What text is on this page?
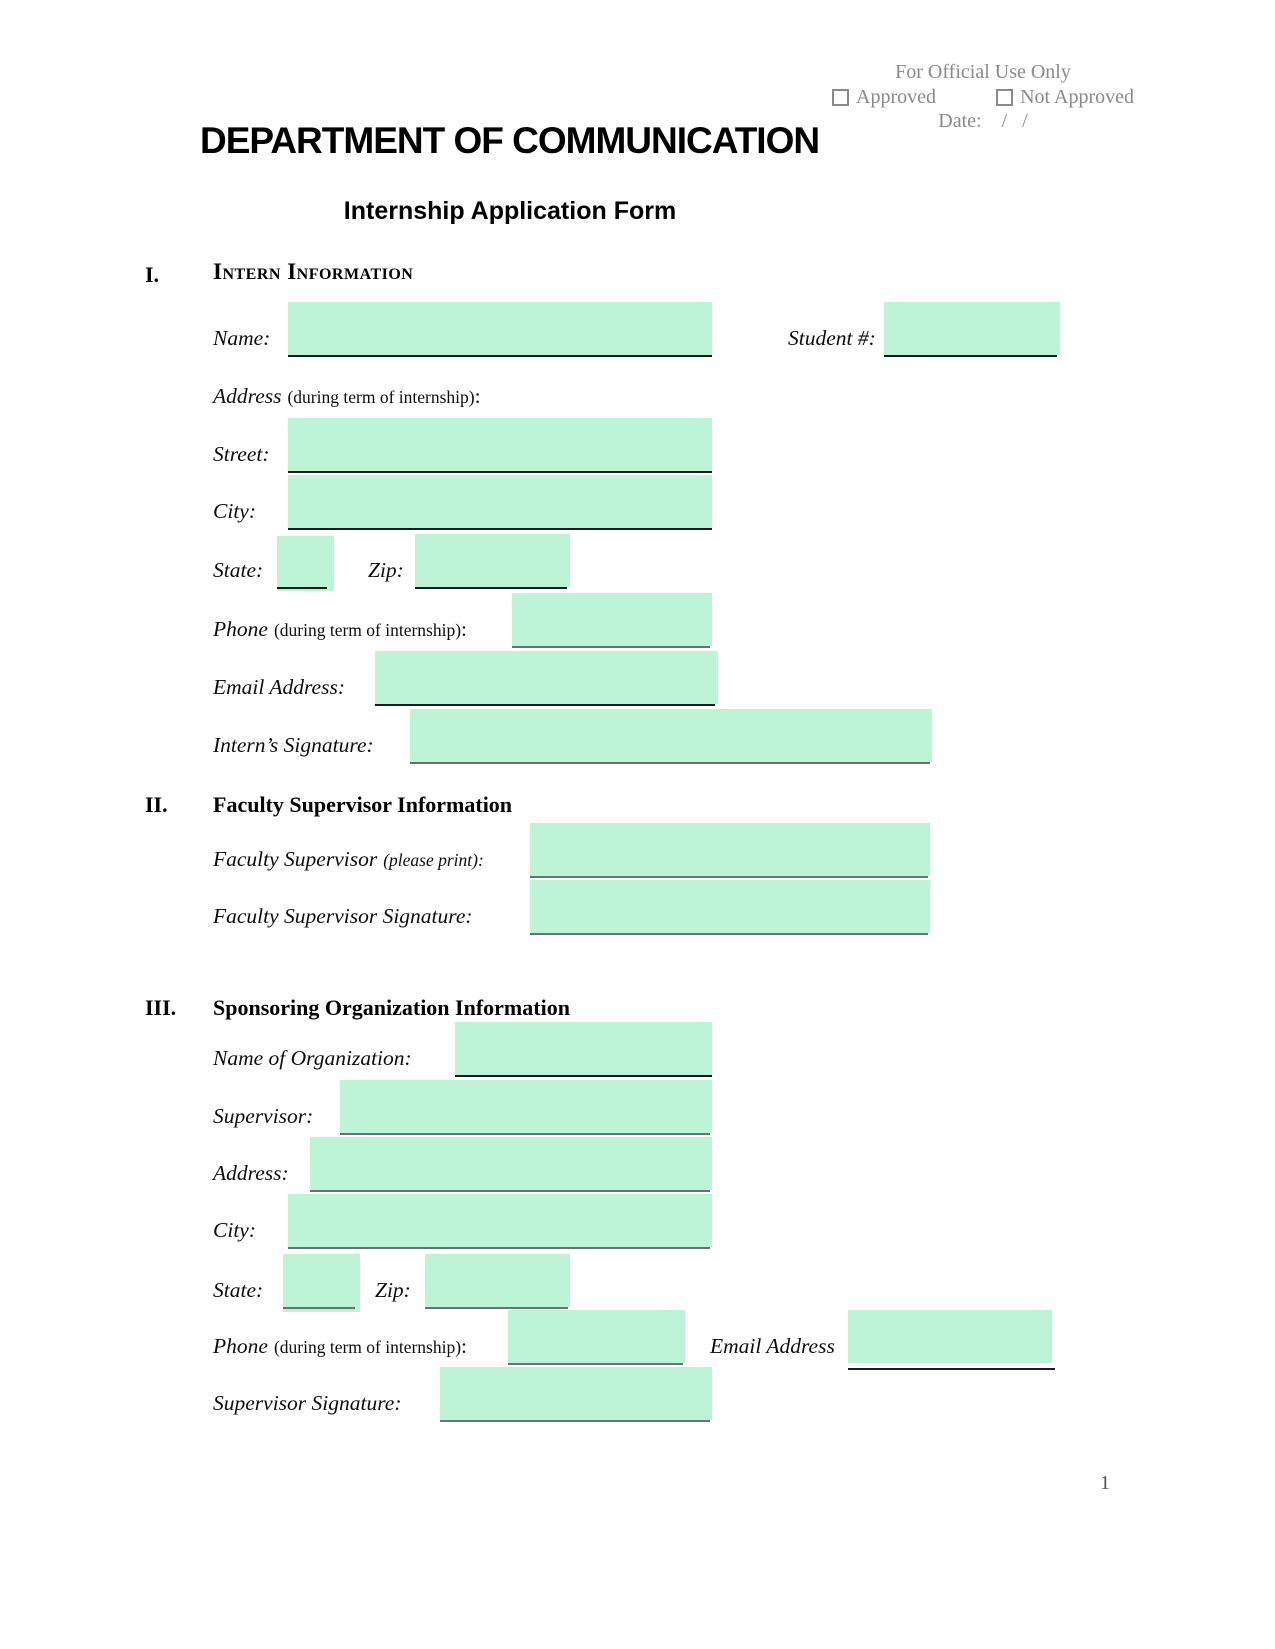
For Official Use Only
Approved	Not Approved
Date: /   /
DEPARTMENT OF COMMUNICATION
Internship Application Form
I. Intern Information
Name:	Student #:
Address (during term of internship):
Street:
City:
State:	Zip:
Phone (during term of internship):
Email Address:
Intern’s Signature:
II. Faculty Supervisor Information
Faculty Supervisor (please print):
Faculty Supervisor Signature:
III. Sponsoring Organization Information
Name of Organization:
Supervisor:
Address:
City:
State:	Zip:
Phone (during term of internship):	Email Address
Supervisor Signature:
1
